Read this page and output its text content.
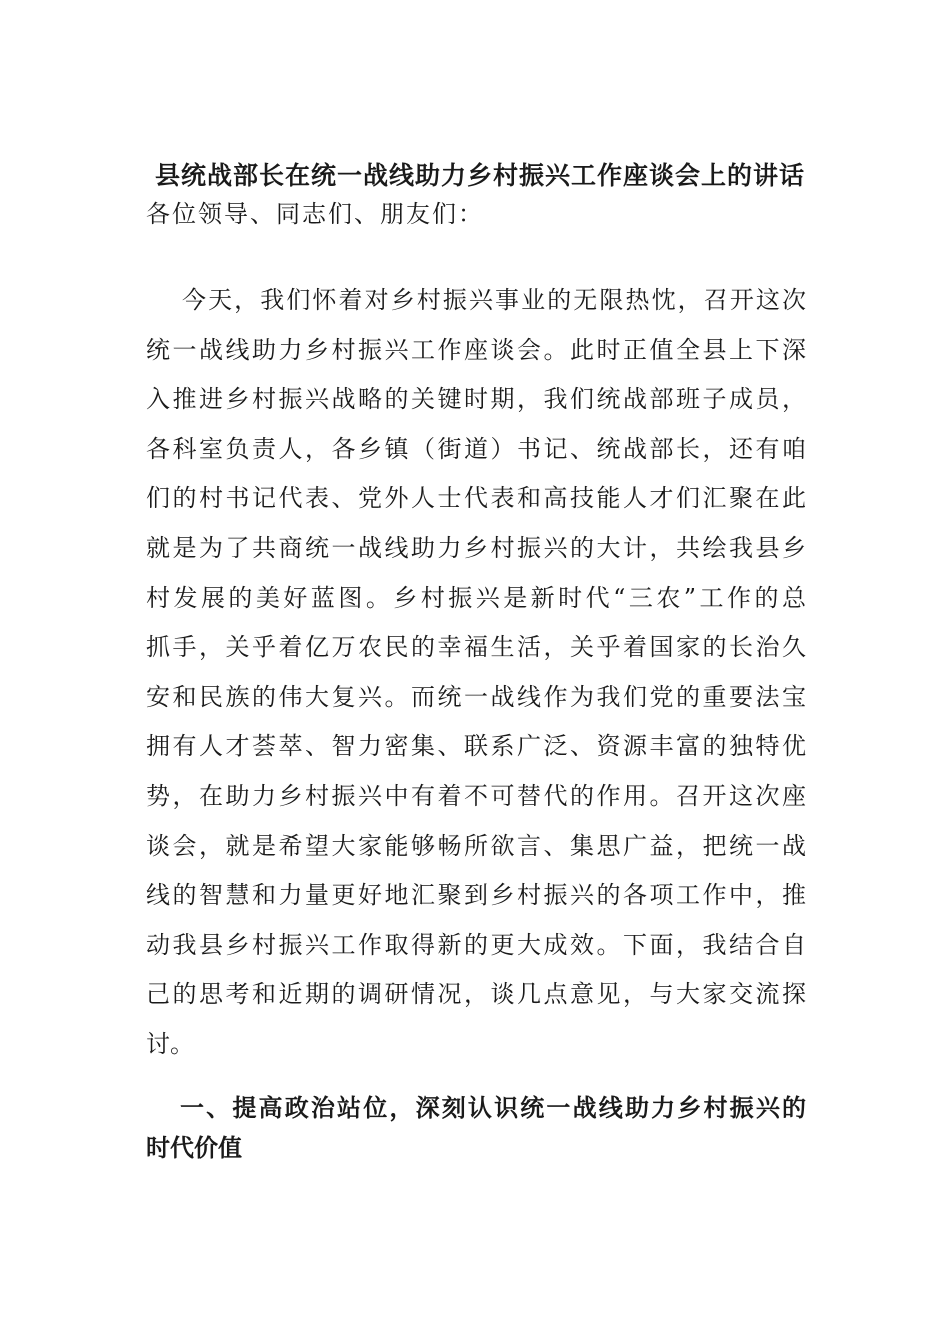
县统战部长在统一战线助力乡村振兴工作座谈会上的讲话
各位领导、同志们、朋友们：
今天，我们怀着对乡村振兴事业的无限热忱，召开这次
统一战线助力乡村振兴工作座谈会。此时正值全县上下深
入推进乡村振兴战略的关键时期，我们统战部班子成员，
各科室负责人，各乡镇（街道）书记、统战部长，还有咱
们的村书记代表、党外人士代表和高技能人才们汇聚在此
就是为了共商统一战线助力乡村振兴的大计，共绘我县乡
村发展的美好蓝图。乡村振兴是新时代“三农”工作的总
抓手，关乎着亿万农民的幸福生活，关乎着国家的长治久
安和民族的伟大复兴。而统一战线作为我们党的重要法宝
拥有人才荟萃、智力密集、联系广泛、资源丰富的独特优
势，在助力乡村振兴中有着不可替代的作用。召开这次座
谈会，就是希望大家能够畅所欲言、集思广益，把统一战
线的智慧和力量更好地汇聚到乡村振兴的各项工作中，推
动我县乡村振兴工作取得新的更大成效。下面，我结合自
己的思考和近期的调研情况，谈几点意见，与大家交流探
讨。
一、提高政治站位，深刻认识统一战线助力乡村振兴的
时代价值
